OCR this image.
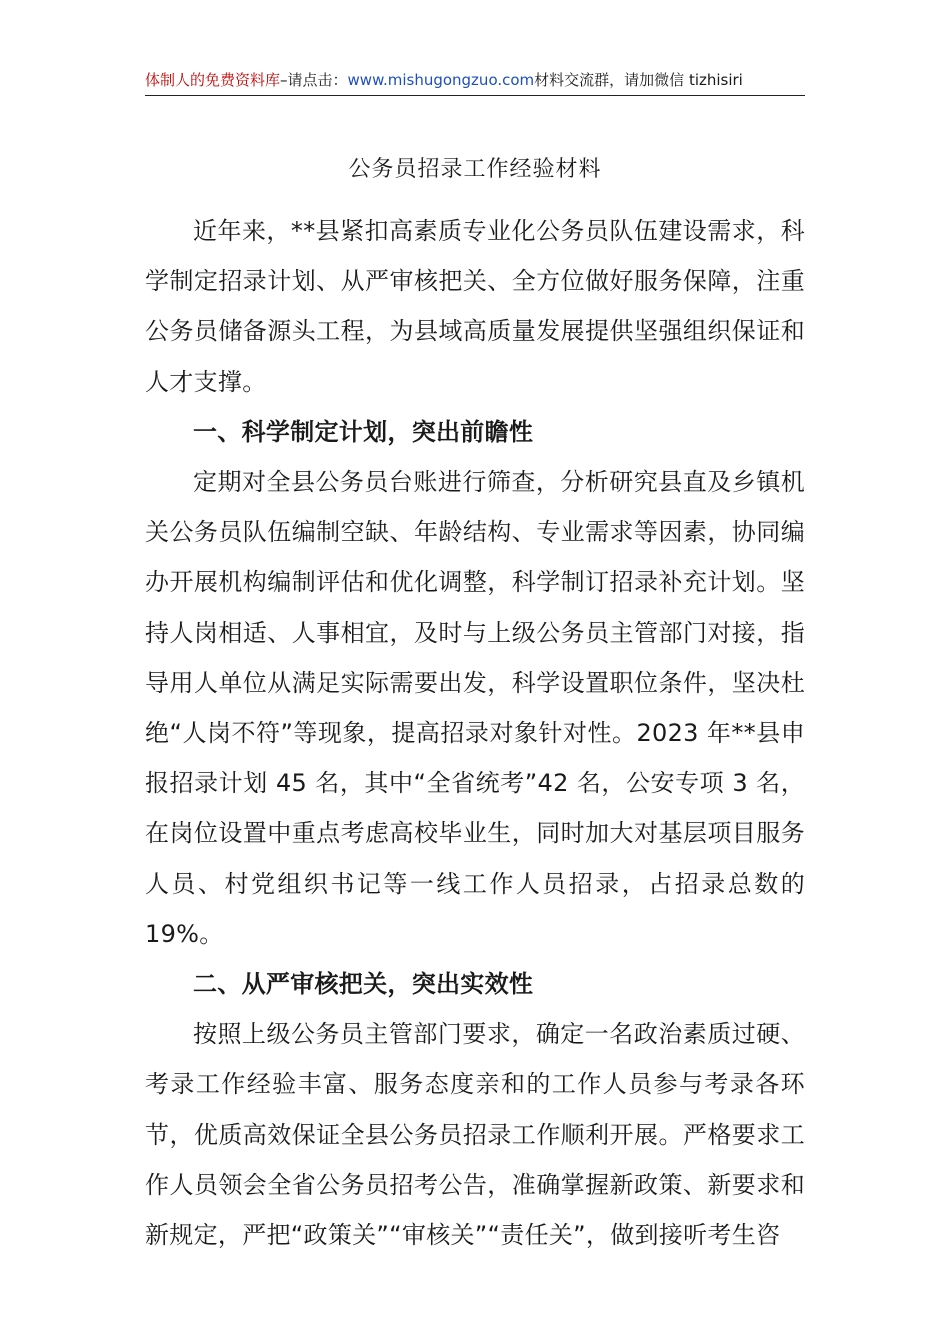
体制人的免费资料库–请点击：www.mishugongzuo.com材料交流群，请加微信 tizhisiri
公务员招录工作经验材料

近年来，**县紧扣高素质专业化公务员队伍建设需求，科学制定招录计划、从严审核把关、全方位做好服务保障，注重公务员储备源头工程，为县域高质量发展提供坚强组织保证和人才支撑。

一、科学制定计划，突出前瞻性

定期对全县公务员台账进行筛查，分析研究县直及乡镇机关公务员队伍编制空缺、年龄结构、专业需求等因素，协同编办开展机构编制评估和优化调整，科学制订招录补充计划。坚持人岗相适、人事相宜，及时与上级公务员主管部门对接，指导用人单位从满足实际需要出发，科学设置职位条件，坚决杜绝“人岗不符”等现象，提高招录对象针对性。2023 年**县申报招录计划 45 名，其中“全省统考”42 名，公安专项 3 名，在岗位设置中重点考虑高校毕业生，同时加大对基层项目服务人员、村党组织书记等一线工作人员招录，占招录总数的 19%。

二、从严审核把关，突出实效性

按照上级公务员主管部门要求，确定一名政治素质过硬、考录工作经验丰富、服务态度亲和的工作人员参与考录各环节，优质高效保证全县公务员招录工作顺利开展。严格要求工作人员领会全省公务员招考公告，准确掌握新政策、新要求和新规定，严把“政策关”“审核关”“责任关”，做到接听考生咨
